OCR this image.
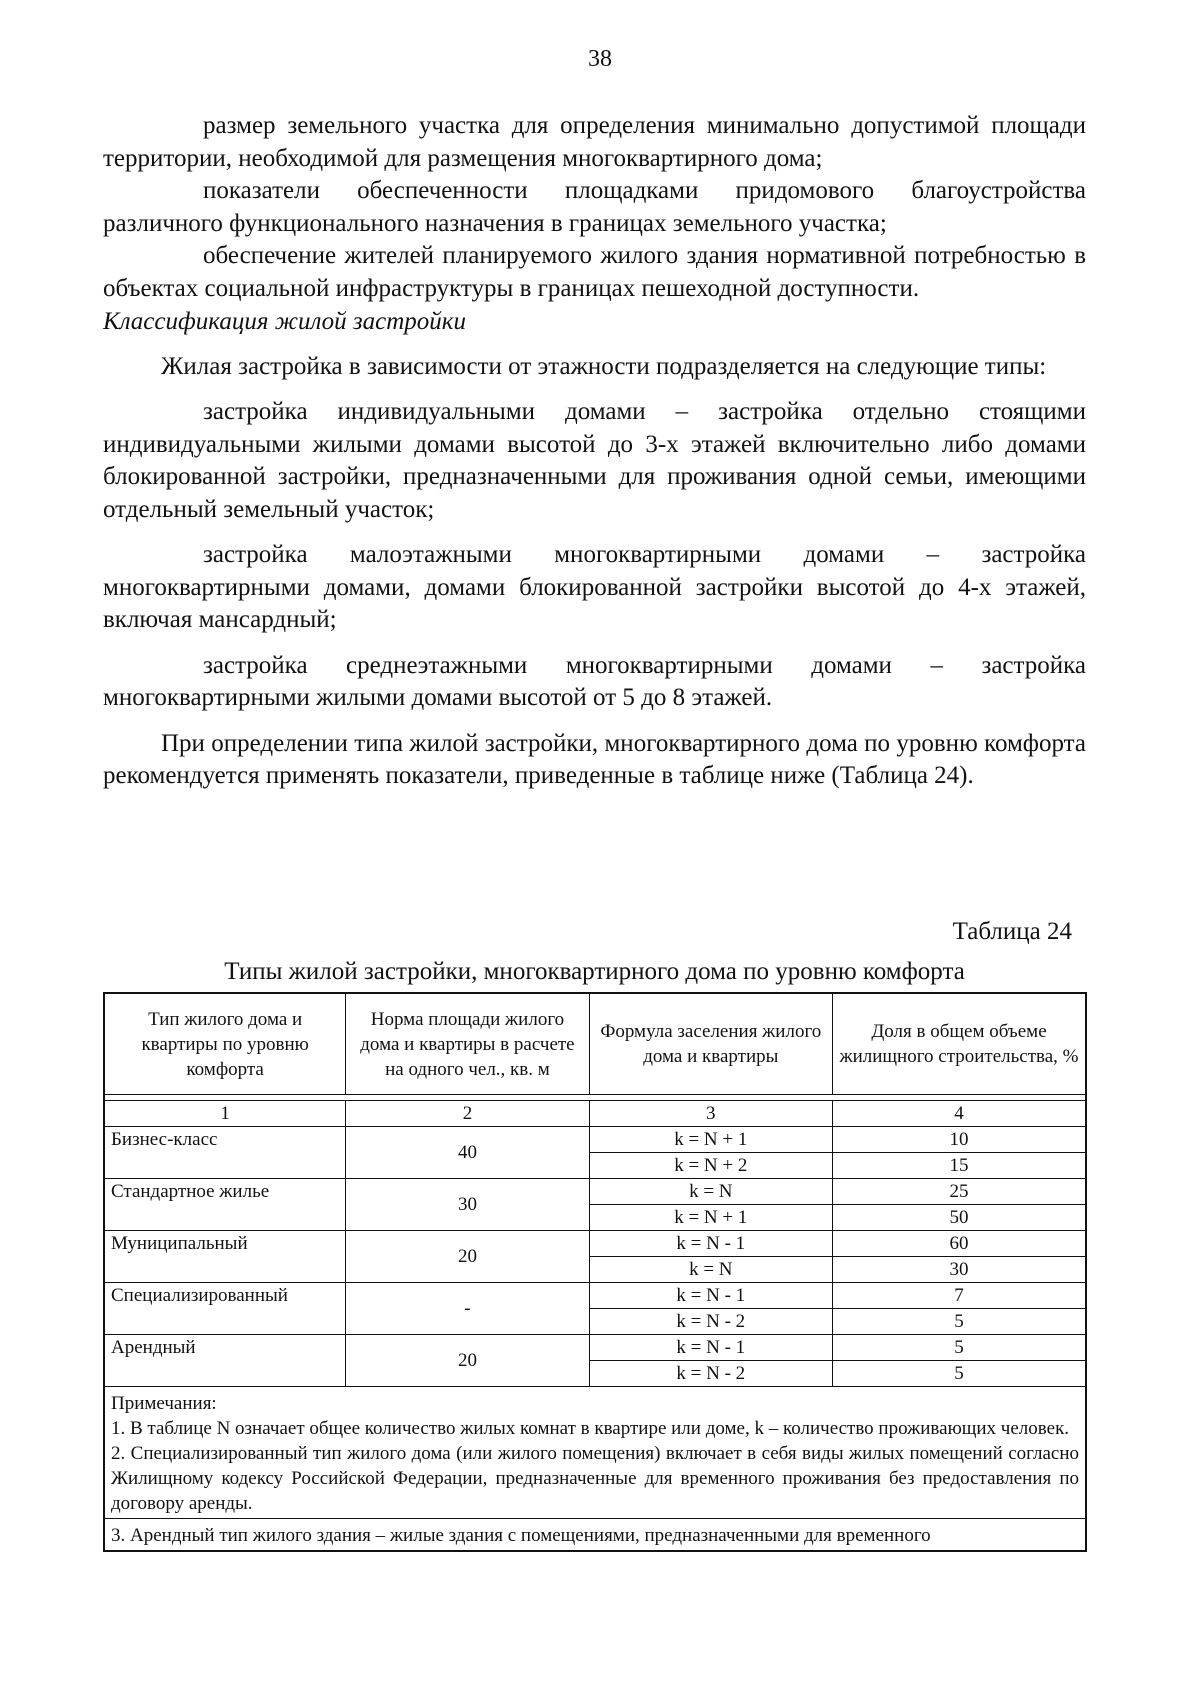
38

размер земельного участка для определения минимально допустимой площади территории, необходимой для размещения многоквартирного дома;

показатели обеспеченности площадками придомового благоустройства различного функционального назначения в границах земельного участка;

обеспечение жителей планируемого жилого здания нормативной потребностью в объектах социальной инфраструктуры в границах пешеходной доступности.

Классификация жилой застройки

Жилая застройка в зависимости от этажности подразделяется на следующие типы:

застройка индивидуальными домами – застройка отдельно стоящими индивидуальными жилыми домами высотой до 3-х этажей включительно либо домами блокированной застройки, предназначенными для проживания одной семьи, имеющими отдельный земельный участок;

застройка малоэтажными многоквартирными домами – застройка многоквартирными домами, домами блокированной застройки высотой до 4-х этажей, включая мансардный;

застройка среднеэтажными многоквартирными домами – застройка многоквартирными жилыми домами высотой от 5 до 8 этажей.

При определении типа жилой застройки, многоквартирного дома по уровню комфорта рекомендуется применять показатели, приведенные в таблице ниже (Таблица 24).

Таблица 24
Типы жилой застройки, многоквартирного дома по уровню комфорта
Тип жилого дома и квартиры по уровню комфорта	Норма площади жилого дома и квартиры в расчете на одного чел., кв. м	Формула заселения жилого дома и квартиры	Доля в общем объеме жилищного строительства, %

1	2	3	4
Бизнес-класс	40	k = N + 1	10
		k = N + 2	15
Стандартное жилье	30	k = N	25
		k = N + 1	50
Муниципальный	20	k = N - 1	60
		k = N	30
Специализированный	-	k = N - 1	7
		k = N - 2	5
Арендный	20	k = N - 1	5
		k = N - 2	5

Примечания:

1. В таблице N означает общее количество жилых комнат в квартире или доме, k – количество проживающих человек.

2. Специализированный тип жилого дома (или жилого помещения) включает в себя виды жилых помещений согласно Жилищному кодексу Российской Федерации, предназначенные для временного проживания без предоставления по договору аренды.			

3. Арендный тип жилого здания – жилые здания с помещениями, предназначенными для временного			
